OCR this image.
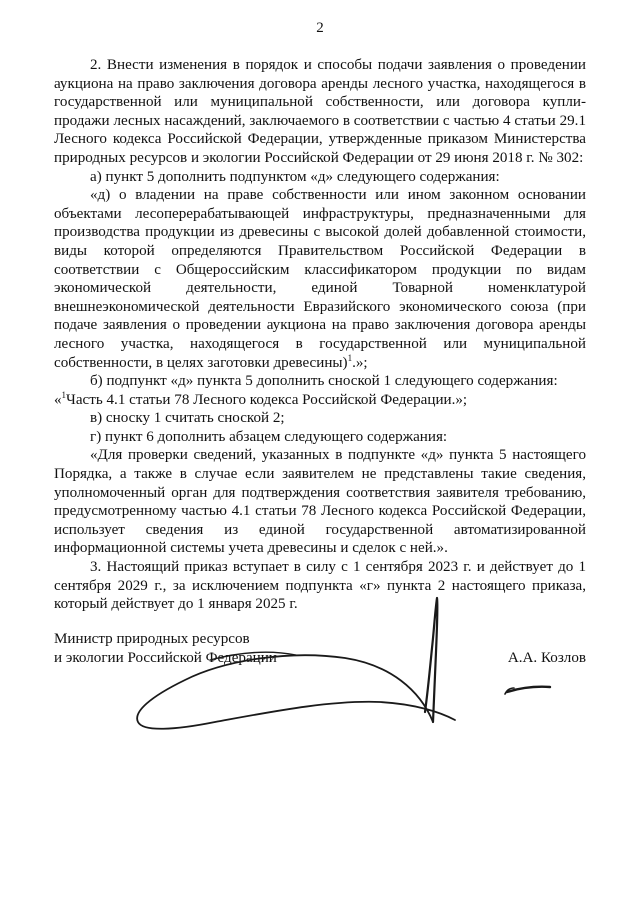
2

2. Внести изменения в порядок и способы подачи заявления о проведении аукциона на право заключения договора аренды лесного участка, находящегося в государственной или муниципальной собственности, или договора купли-продажи лесных насаждений, заключаемого в соответствии с частью 4 статьи 29.1 Лесного кодекса Российской Федерации, утвержденные приказом Министерства природных ресурсов и экологии Российской Федерации от 29 июня 2018 г. № 302:

а) пункт 5 дополнить подпунктом «д» следующего содержания:

«д) о владении на праве собственности или ином законном основании объектами лесоперерабатывающей инфраструктуры, предназначенными для производства продукции из древесины с высокой долей добавленной стоимости, виды которой определяются Правительством Российской Федерации в соответствии с Общероссийским классификатором продукции по видам экономической деятельности, единой Товарной номенклатурой внешнеэкономической деятельности Евразийского экономического союза (при подаче заявления о проведении аукциона на право заключения договора аренды лесного участка, находящегося в государственной или муниципальной собственности, в целях заготовки древесины)$^1$.»;

б) подпункт «д» пункта 5 дополнить сноской 1 следующего содержания:

«$^1$Часть 4.1 статьи 78 Лесного кодекса Российской Федерации.»;

в) сноску 1 считать сноской 2;

г) пункт 6 дополнить абзацем следующего содержания:

«Для проверки сведений, указанных в подпункте «д» пункта 5 настоящего Порядка, а также в случае если заявителем не представлены такие сведения, уполномоченный орган для подтверждения соответствия заявителя требованию, предусмотренному частью 4.1 статьи 78 Лесного кодекса Российской Федерации, использует сведения из единой государственной автоматизированной информационной системы учета древесины и сделок с ней.».

3. Настоящий приказ вступает в силу с 1 сентября 2023 г. и действует до 1 сентября 2029 г., за исключением подпункта «г» пункта 2 настоящего приказа, который действует до 1 января 2025 г.

Министр природных ресурсов

и экологии Российской Федерации	А.А. Козлов
